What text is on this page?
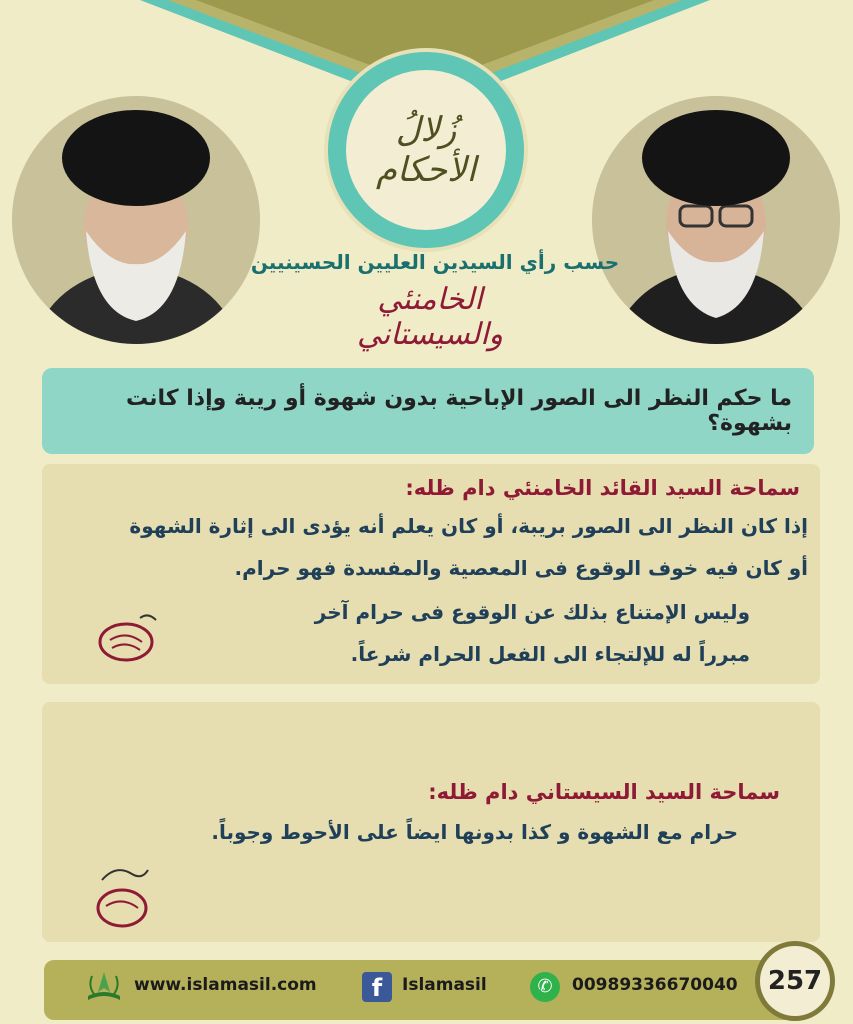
زُلالُ
الأحكام
حسب رأي السيدين العليين الحسينيين
الخامنئي والسيستاني
ما حكم النظر الى الصور الإباحية بدون شهوة أو ريبة وإذا كانت بشهوة؟
سماحة السيد القائد الخامنئي دام ظله:
إذا كان النظر الى الصور بريبة، أو كان يعلم أنه يؤدى الى إثارة الشهوة
أو كان فيه خوف الوقوع فى المعصية والمفسدة فهو حرام.
وليس الإمتناع بذلك عن الوقوع فى حرام آخر
مبرراً له للإلتجاء الى الفعل الحرام شرعاً.
سماحة السيد السيستاني دام ظله:
حرام مع الشهوة و كذا بدونها ايضاً على الأحوط وجوباً.
www.islamasil.com	f	Islamasil	✆	00989336670040 257
